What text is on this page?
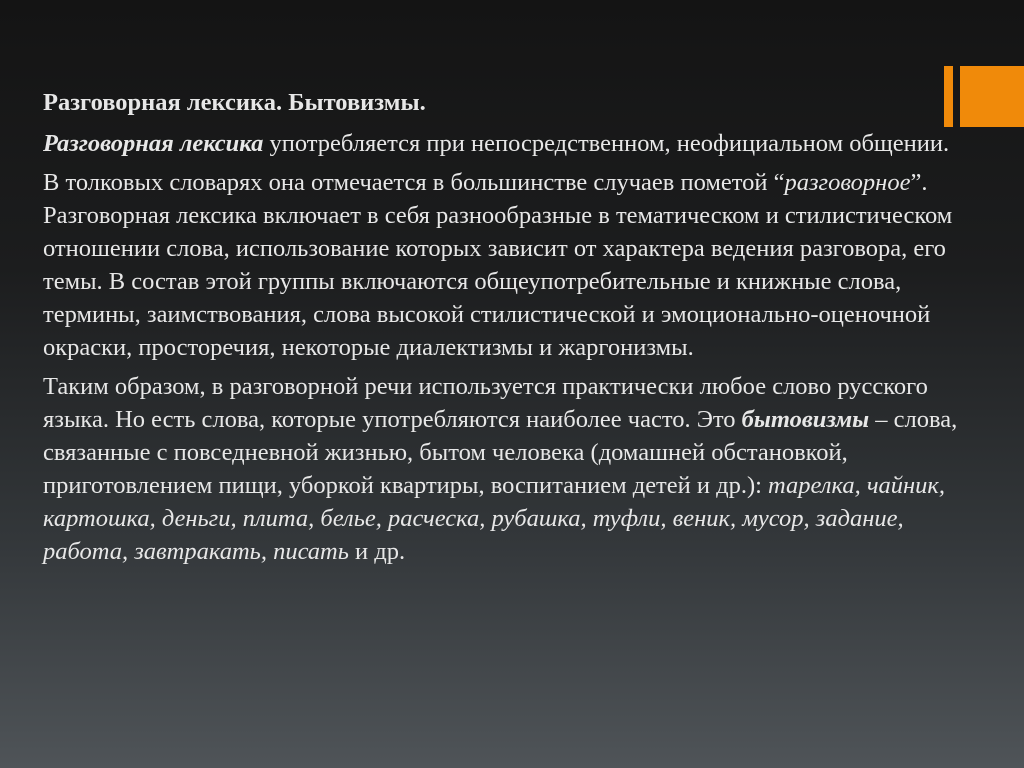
Разговорная лексика. Бытовизмы.

Разговорная лексика употребляется при непосредственном, неофициальном общении.

В толковых словарях она отмечается в большинстве случаев пометой “разговорное”. Разговорная лексика включает в себя разнообразные в тематическом и стилистическом отношении слова, использование которых зависит от характера ведения разговора, его темы. В состав этой группы включаются общеупотребительные и книжные слова, термины, заимствования, слова высокой стилистической и эмоционально-оценочной окраски, просторечия, некоторые диалектизмы и жаргонизмы.

Таким образом, в разговорной речи используется практически любое слово русского языка. Но есть слова, которые употребляются наиболее часто. Это бытовизмы – слова, связанные с повседневной жизнью, бытом человека (домашней обстановкой, приготовлением пищи, уборкой квартиры, воспитанием детей и др.): тарелка, чайник, картошка, деньги, плита, белье, расческа, рубашка, туфли, веник, мусор, задание, работа, завтракать, писать и др.
